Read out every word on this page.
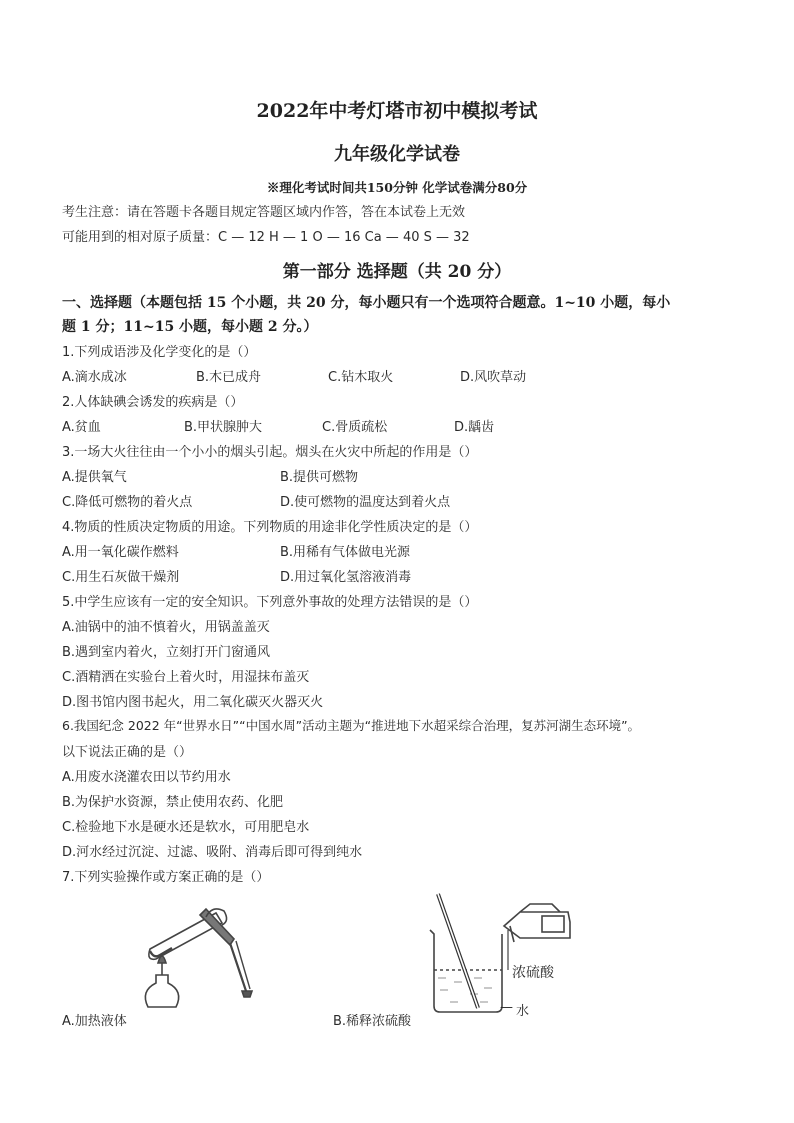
2022年中考灯塔市初中模拟考试
九年级化学试卷
※理化考试时间共150分钟 化学试卷满分80分
考生注意：请在答题卡各题目规定答题区域内作答，答在本试卷上无效
可能用到的相对原子质量：C — 12 H — 1 O — 16 Ca — 40 S — 32
第一部分 选择题（共 20 分）
一、选择题（本题包括 15 个小题，共 20 分，每小题只有一个选项符合题意。1~10 小题，每小
题 1 分；11~15 小题，每小题 2 分。）
1.下列成语涉及化学变化的是（）
A.滴水成冰	B.木已成舟	C.钻木取火	D.风吹草动
2.人体缺碘会诱发的疾病是（）
A.贫血	B.甲状腺肿大	C.骨质疏松	D.龋齿
3.一场大火往往由一个小小的烟头引起。烟头在火灾中所起的作用是（）
A.提供氧气	B.提供可燃物
C.降低可燃物的着火点	D.使可燃物的温度达到着火点
4.物质的性质决定物质的用途。下列物质的用途非化学性质决定的是（）
A.用一氧化碳作燃料	B.用稀有气体做电光源
C.用生石灰做干燥剂	D.用过氧化氢溶液消毒
5.中学生应该有一定的安全知识。下列意外事故的处理方法错误的是（）
A.油锅中的油不慎着火，用锅盖盖灭
B.遇到室内着火，立刻打开门窗通风
C.酒精洒在实验台上着火时，用湿抹布盖灭
D.图书馆内图书起火，用二氧化碳灭火器灭火
6.我国纪念 2022 年“世界水日”“中国水周”活动主题为“推进地下水超采综合治理，复苏河湖生态环境”。
以下说法正确的是（）
A.用废水浇灌农田以节约用水
B.为保护水资源，禁止使用农药、化肥
C.检验地下水是硬水还是软水，可用肥皂水
D.河水经过沉淀、过滤、吸附、消毒后即可得到纯水
7.下列实验操作或方案正确的是（）
A.加热液体
浓硫酸
— 水
B.稀释浓硫酸
